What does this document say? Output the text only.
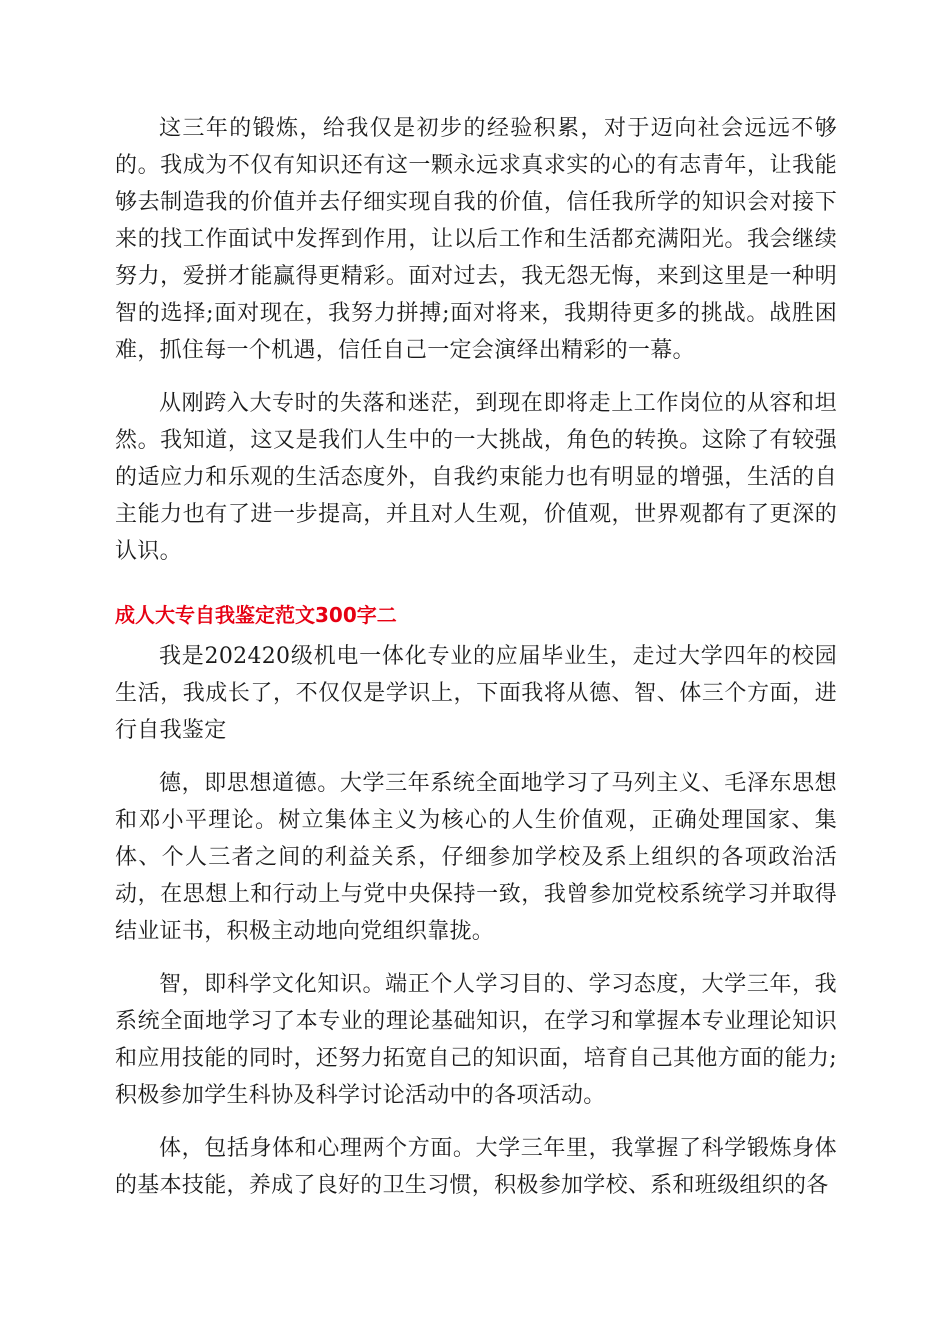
这三年的锻炼，给我仅是初步的经验积累，对于迈向社会远远不够的。我成为不仅有知识还有这一颗永远求真求实的心的有志青年，让我能够去制造我的价值并去仔细实现自我的价值，信任我所学的知识会对接下来的找工作面试中发挥到作用，让以后工作和生活都充满阳光。我会继续努力，爱拼才能赢得更精彩。面对过去，我无怨无悔，来到这里是一种明智的选择;面对现在，我努力拼搏;面对将来，我期待更多的挑战。战胜困难，抓住每一个机遇，信任自己一定会演绎出精彩的一幕。

从刚跨入大专时的失落和迷茫，到现在即将走上工作岗位的从容和坦然。我知道，这又是我们人生中的一大挑战，角色的转换。这除了有较强的适应力和乐观的生活态度外，自我约束能力也有明显的增强，生活的自主能力也有了进一步提高，并且对人生观，价值观，世界观都有了更深的认识。

成人大专自我鉴定范文300字二

我是202420级机电一体化专业的应届毕业生，走过大学四年的校园生活，我成长了，不仅仅是学识上，下面我将从德、智、体三个方面，进行自我鉴定

德，即思想道德。大学三年系统全面地学习了马列主义、毛泽东思想和邓小平理论。树立集体主义为核心的人生价值观，正确处理国家、集体、个人三者之间的利益关系，仔细参加学校及系上组织的各项政治活动，在思想上和行动上与党中央保持一致，我曾参加党校系统学习并取得结业证书，积极主动地向党组织靠拢。

智，即科学文化知识。端正个人学习目的、学习态度，大学三年，我系统全面地学习了本专业的理论基础知识，在学习和掌握本专业理论知识和应用技能的同时，还努力拓宽自己的知识面，培育自己其他方面的能力;积极参加学生科协及科学讨论活动中的各项活动。

体，包括身体和心理两个方面。大学三年里，我掌握了科学锻炼身体的基本技能，养成了良好的卫生习惯，积极参加学校、系和班级组织的各
